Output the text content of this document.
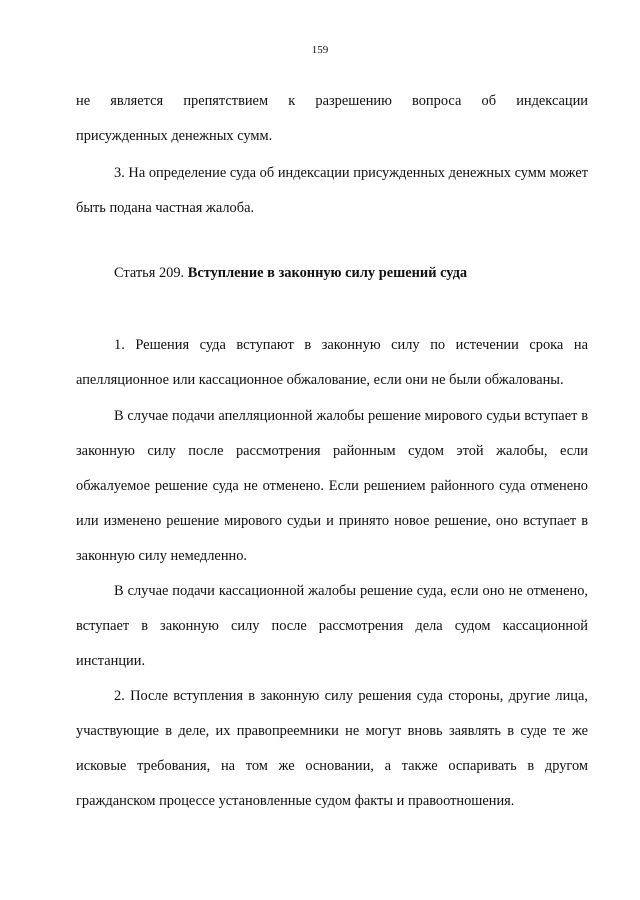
159

не является препятствием к разрешению вопроса об индексации

присужденных денежных сумм.

3. На определение суда об индексации присужденных денежных сумм может быть подана частная жалоба.

Статья 209. Вступление в законную силу решений суда

1. Решения суда вступают в законную силу по истечении срока на апелляционное или кассационное обжалование, если они не были обжалованы.

В случае подачи апелляционной жалобы решение мирового судьи вступает в законную силу после рассмотрения районным судом этой жалобы, если обжалуемое решение суда не отменено. Если решением районного суда отменено или изменено решение мирового судьи и принято новое решение, оно вступает в законную силу немедленно.

В случае подачи кассационной жалобы решение суда, если оно не отменено, вступает в законную силу после рассмотрения дела судом кассационной инстанции.

2. После вступления в законную силу решения суда стороны, другие лица, участвующие в деле, их правопреемники не могут вновь заявлять в суде те же исковые требования, на том же основании, а также оспаривать в другом гражданском процессе установленные судом факты и правоотношения.
